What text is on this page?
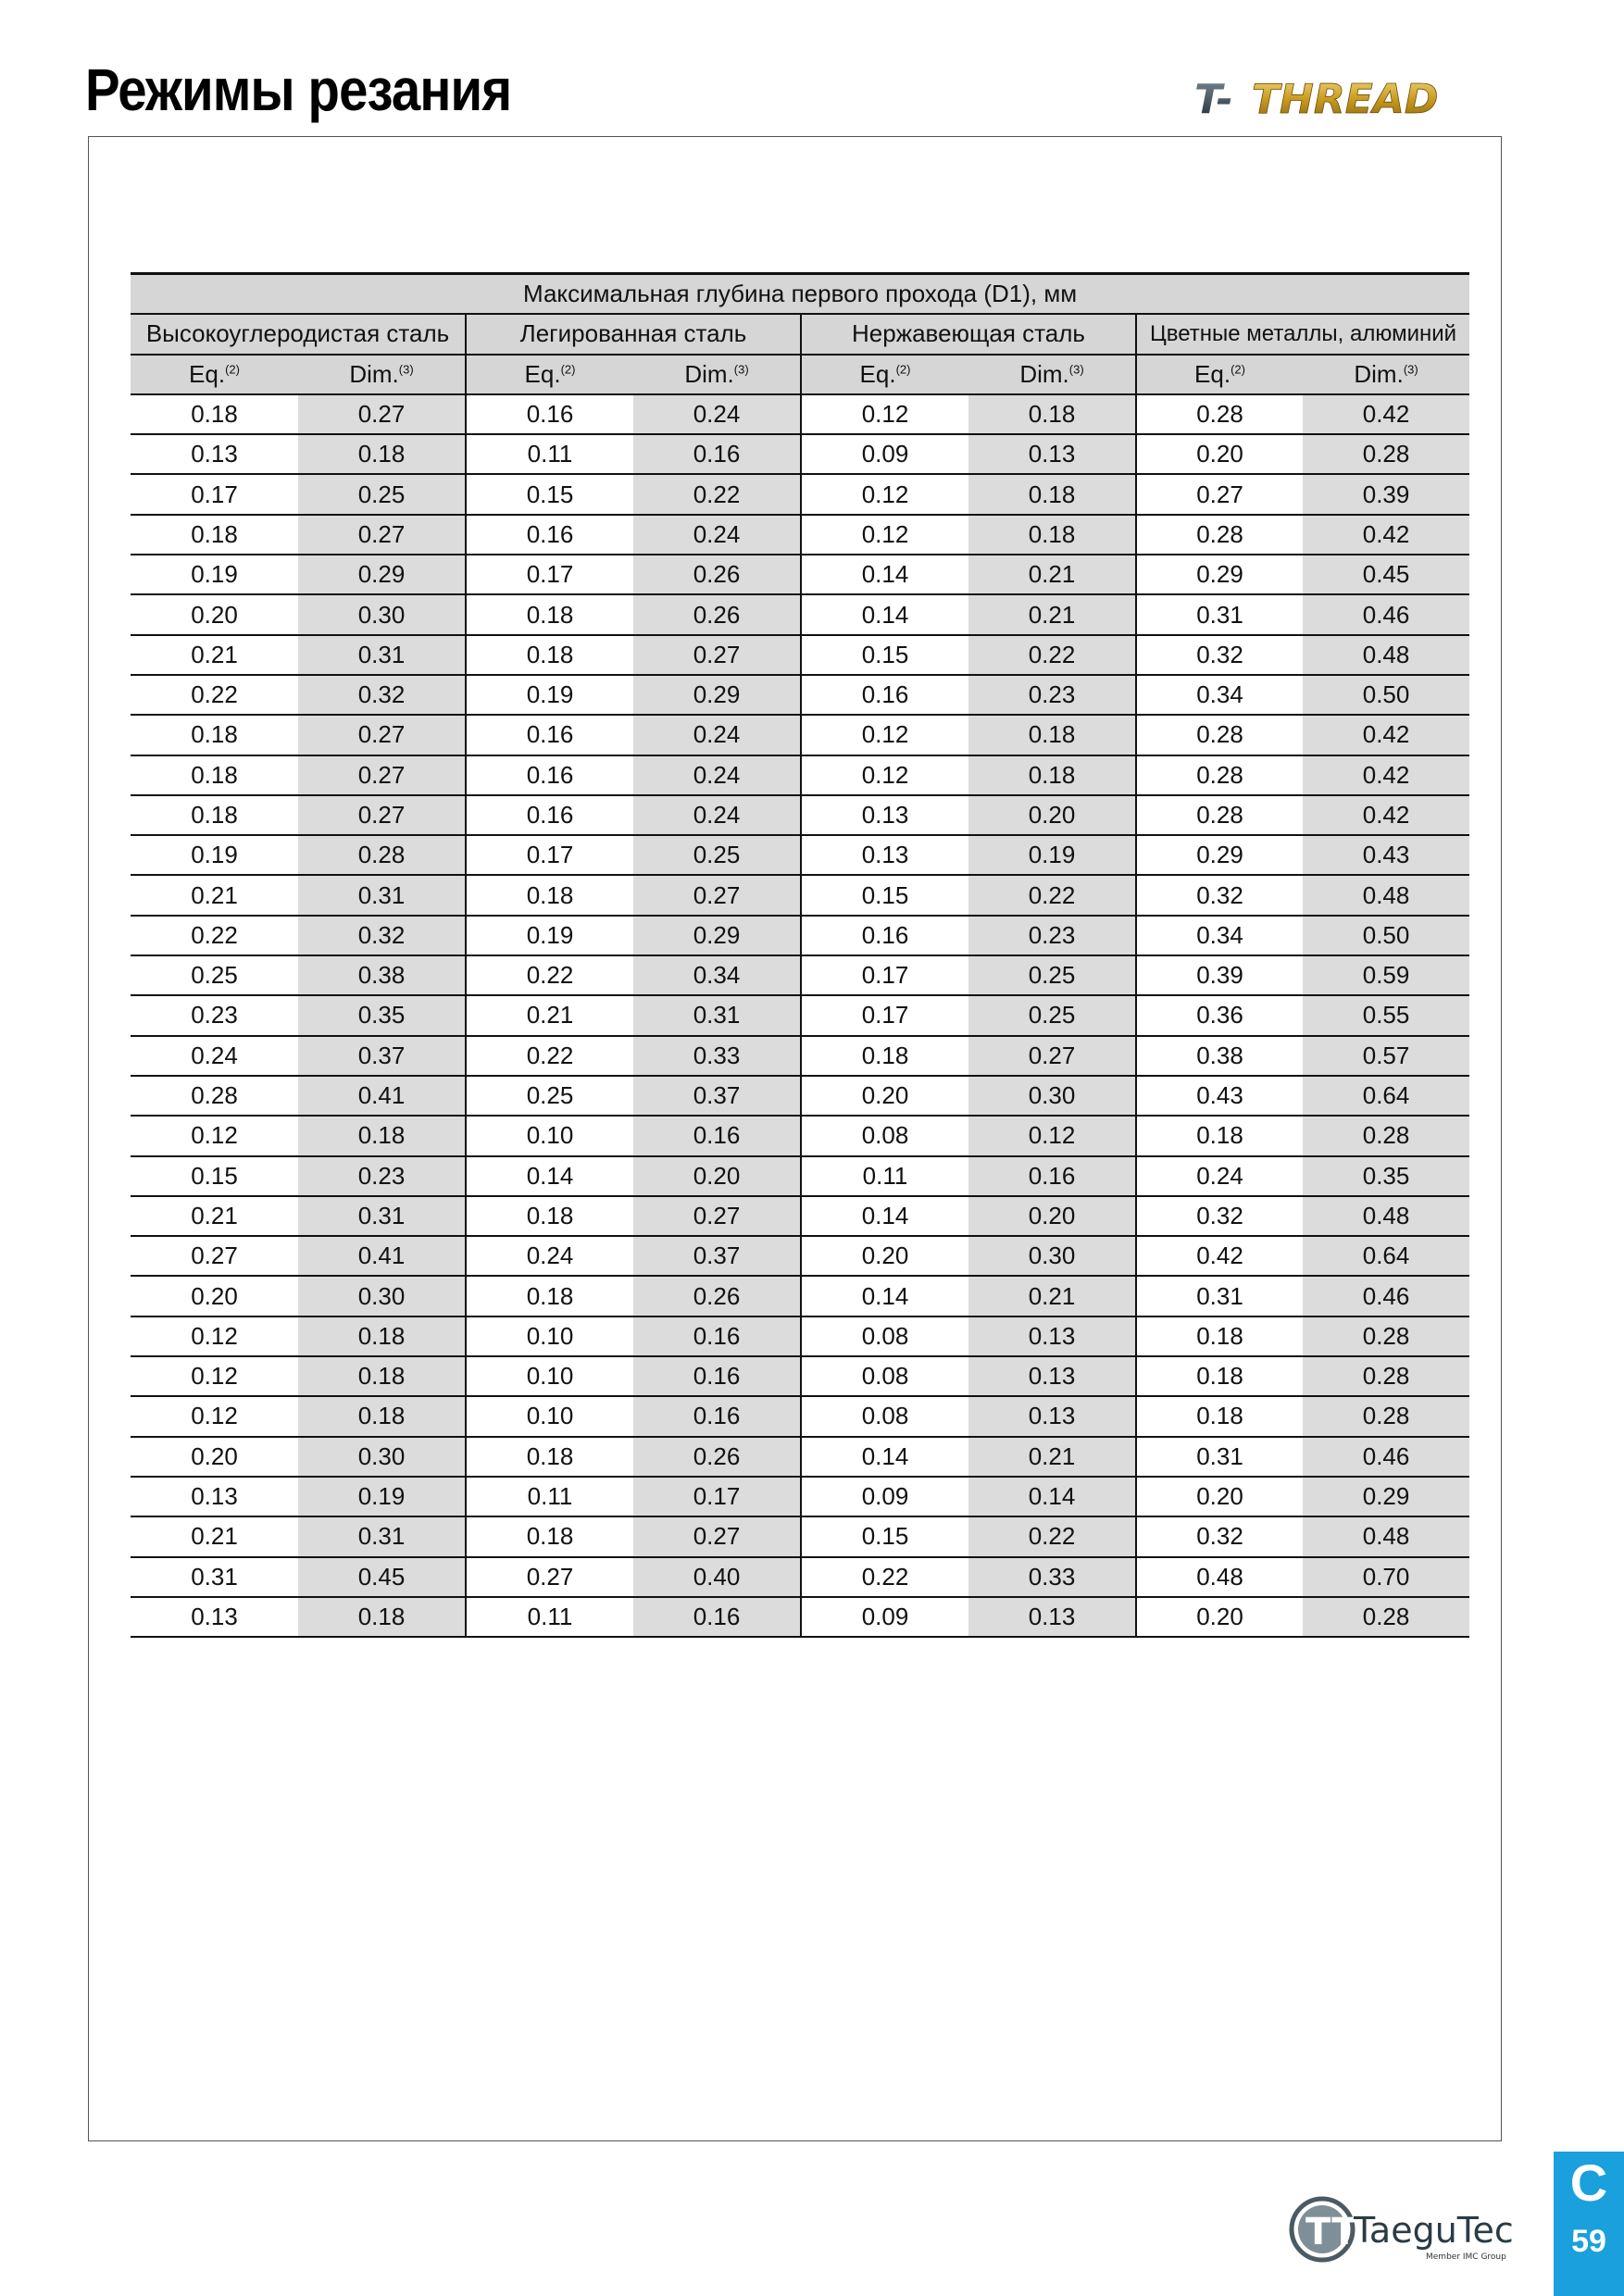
Режимы резания	T- THREAD
Максимальная глубина первого прохода (D1), мм							
Высокоуглеродистая сталь		Легированная сталь		Нержавеющая сталь		Цветные металлы, алюминий	
Eq.$^{(2)}$	Dim.$^{(3)}$	Eq.$^{(2)}$	Dim.$^{(3)}$	Eq.$^{(2)}$	Dim.$^{(3)}$	Eq.$^{(2)}$	Dim.$^{(3)}$
0.18	0.27	0.16	0.24	0.12	0.18	0.28	0.42
0.13	0.18	0.11	0.16	0.09	0.13	0.20	0.28
0.17	0.25	0.15	0.22	0.12	0.18	0.27	0.39
0.18	0.27	0.16	0.24	0.12	0.18	0.28	0.42
0.19	0.29	0.17	0.26	0.14	0.21	0.29	0.45
0.20	0.30	0.18	0.26	0.14	0.21	0.31	0.46
0.21	0.31	0.18	0.27	0.15	0.22	0.32	0.48
0.22	0.32	0.19	0.29	0.16	0.23	0.34	0.50
0.18	0.27	0.16	0.24	0.12	0.18	0.28	0.42
0.18	0.27	0.16	0.24	0.12	0.18	0.28	0.42
0.18	0.27	0.16	0.24	0.13	0.20	0.28	0.42
0.19	0.28	0.17	0.25	0.13	0.19	0.29	0.43
0.21	0.31	0.18	0.27	0.15	0.22	0.32	0.48
0.22	0.32	0.19	0.29	0.16	0.23	0.34	0.50
0.25	0.38	0.22	0.34	0.17	0.25	0.39	0.59
0.23	0.35	0.21	0.31	0.17	0.25	0.36	0.55
0.24	0.37	0.22	0.33	0.18	0.27	0.38	0.57
0.28	0.41	0.25	0.37	0.20	0.30	0.43	0.64
0.12	0.18	0.10	0.16	0.08	0.12	0.18	0.28
0.15	0.23	0.14	0.20	0.11	0.16	0.24	0.35
0.21	0.31	0.18	0.27	0.14	0.20	0.32	0.48
0.27	0.41	0.24	0.37	0.20	0.30	0.42	0.64
0.20	0.30	0.18	0.26	0.14	0.21	0.31	0.46
0.12	0.18	0.10	0.16	0.08	0.13	0.18	0.28
0.12	0.18	0.10	0.16	0.08	0.13	0.18	0.28
0.12	0.18	0.10	0.16	0.08	0.13	0.18	0.28
0.20	0.30	0.18	0.26	0.14	0.21	0.31	0.46
0.13	0.19	0.11	0.17	0.09	0.14	0.20	0.29
0.21	0.31	0.18	0.27	0.15	0.22	0.32	0.48
0.31	0.45	0.27	0.40	0.22	0.33	0.48	0.70
0.13	0.18	0.11	0.16	0.09	0.13	0.20	0.28
TT
TaeguTec
Member IMC Group
C
59
